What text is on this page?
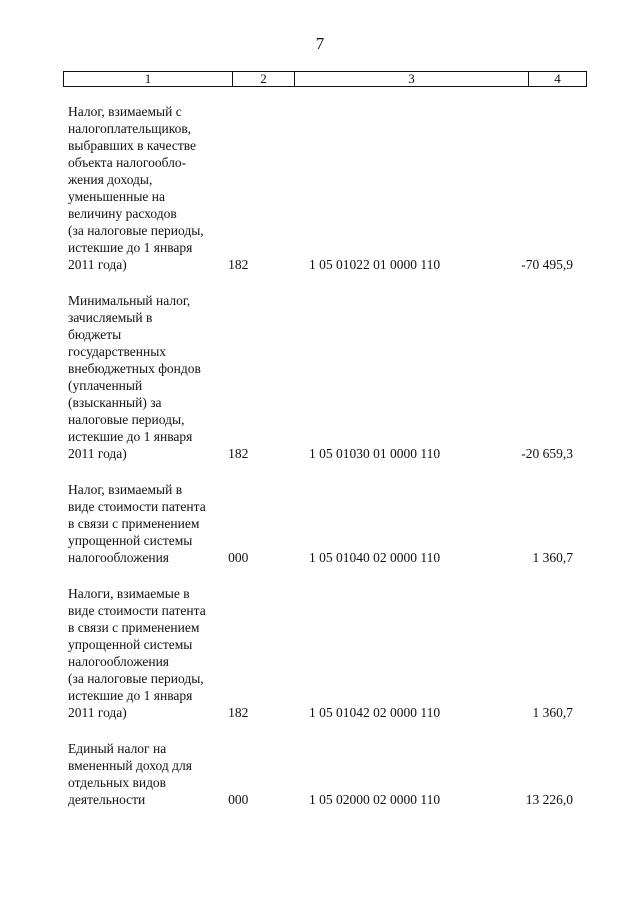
7
1	2	3	4
Налог, взимаемый с
налогоплательщиков,
выбравших в качестве
объекта налогообло-
жения доходы,
уменьшенные на
величину расходов
(за налоговые периоды,
истекшие до 1 января
2011 года)	182	1 05 01022 01 0000 110	-70 495,9
Минимальный налог,
зачисляемый в
бюджеты
государственных
внебюджетных фондов
(уплаченный
(взысканный) за
налоговые периоды,
истекшие до 1 января
2011 года)	182	1 05 01030 01 0000 110	-20 659,3
Налог, взимаемый в
виде стоимости патента
в связи с применением
упрощенной системы
налогообложения	000	1 05 01040 02 0000 110	1 360,7
Налоги, взимаемые в
виде стоимости патента
в связи с применением
упрощенной системы
налогообложения
(за налоговые периоды,
истекшие до 1 января
2011 года)	182	1 05 01042 02 0000 110	1 360,7
Единый налог на
вмененный доход для
отдельных видов
деятельности	000	1 05 02000 02 0000 110	13 226,0
